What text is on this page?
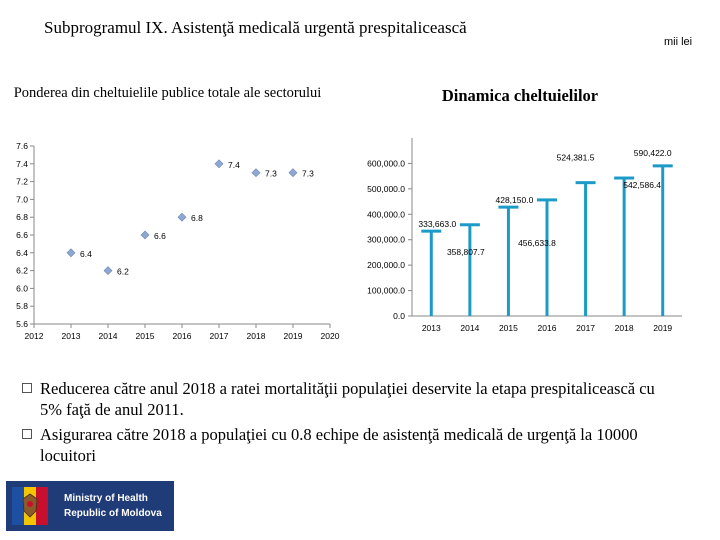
Subprogramul IX. Asistenţă medicală urgentă prespitalicească
mii lei
Ponderea din cheltuielile publice totale ale sectorului	Dinamica cheltuielilor
5.6
5.8
6.0
6.2
6.4
6.6
6.8
7.0
7.2
7.4
7.6
2012 2013 2014 2015 2016 2017 2018 2019 2020
6.4
6.2
6.6
6.8
7.4
7.3	7.3
0.0
100,000.0
200,000.0
300,000.0
400,000.0
500,000.0
600,000.0
2013
333,663.0
2014
358,807.7
2015
428,150.0
2016
456,633.8
2017
524,381.5
2018
542,586.4
2019
590,422.0
Reducerea către anul 2018 a ratei mortalităţii populaţiei deservite la etapa prespitalicească cu 5% faţă de anul 2011.
Asigurarea către 2018 a populaţiei cu 0.8 echipe de asistenţă medicală de urgenţă la 10000 locuitori
Ministry of Health
Republic of Moldova
